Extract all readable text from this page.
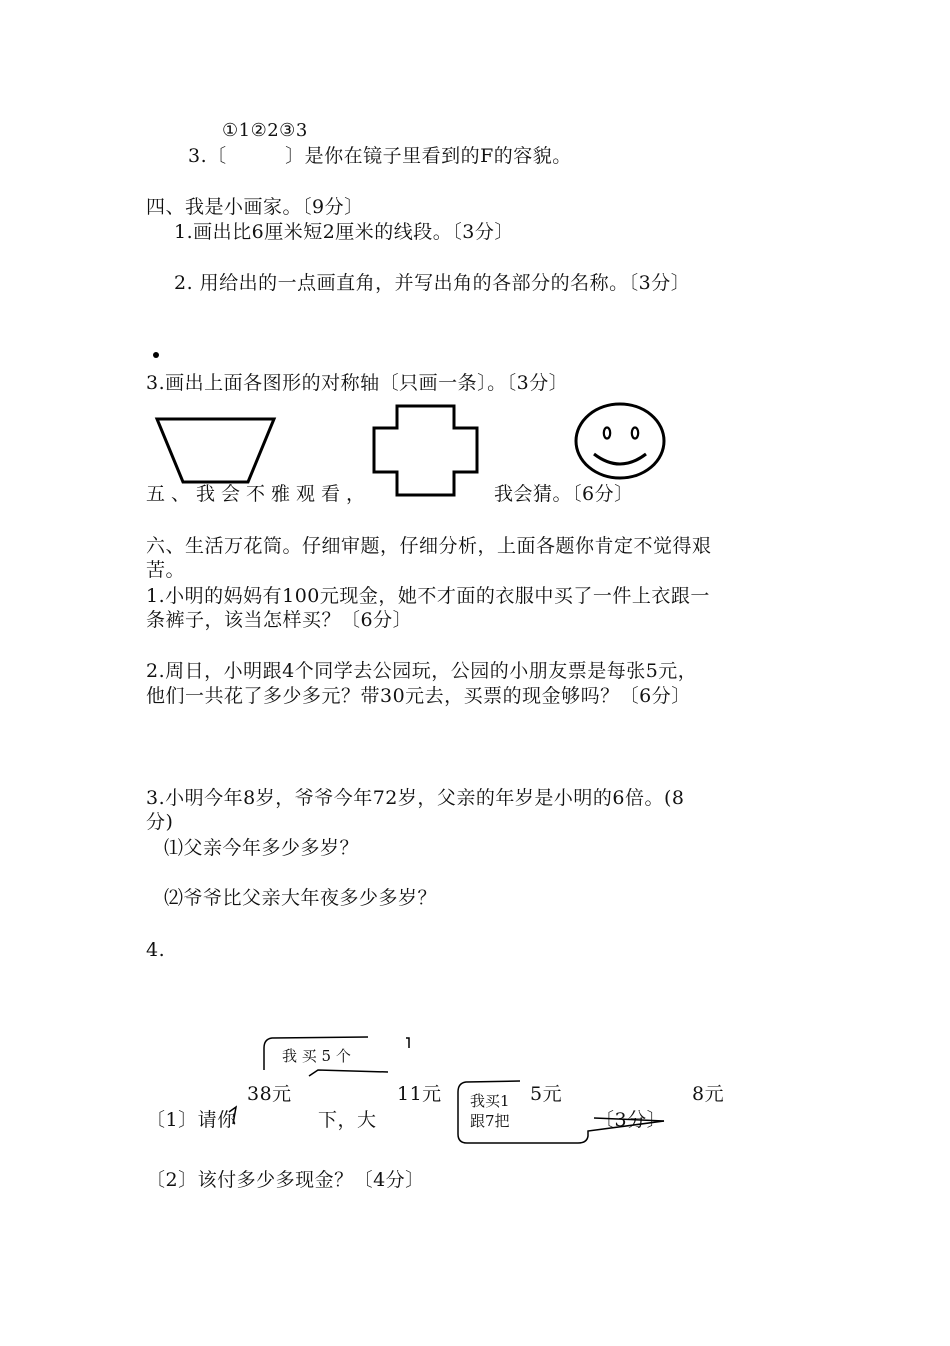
①1②2③3
3.〔　　　〕是你在镜子里看到的F的容貌。
四、我是小画家。〔9分〕
1.画出比6厘米短2厘米的线段。〔3分〕
2. 用给出的一点画直角，并写出角的各部分的名称。〔3分〕
3.画出上面各图形的对称轴〔只画一条〕。〔3分〕
五、我会不雅观看，	我会猜。〔6分〕
六、生活万花筒。仔细审题，仔细分析，上面各题你肯定不觉得艰
苦。
1.小明的妈妈有100元现金，她不才面的衣服中买了一件上衣跟一
条裤子，该当怎样买？〔6分〕
2.周日，小明跟4个同学去公园玩，公园的小朋友票是每张5元，
他们一共花了多少多元？带30元去，买票的现金够吗？〔6分〕
3.小明今年8岁，爷爷今年72岁，父亲的年岁是小明的6倍。(8
分)
⑴父亲今年多少多岁？
⑵爷爷比父亲大年夜多少多岁？
4.
我 买 5 个
38元	11元	5元	8元
〔1〕请你	下，大	〔3分〕
我买1
跟7把
〔2〕该付多少多现金？〔4分〕
